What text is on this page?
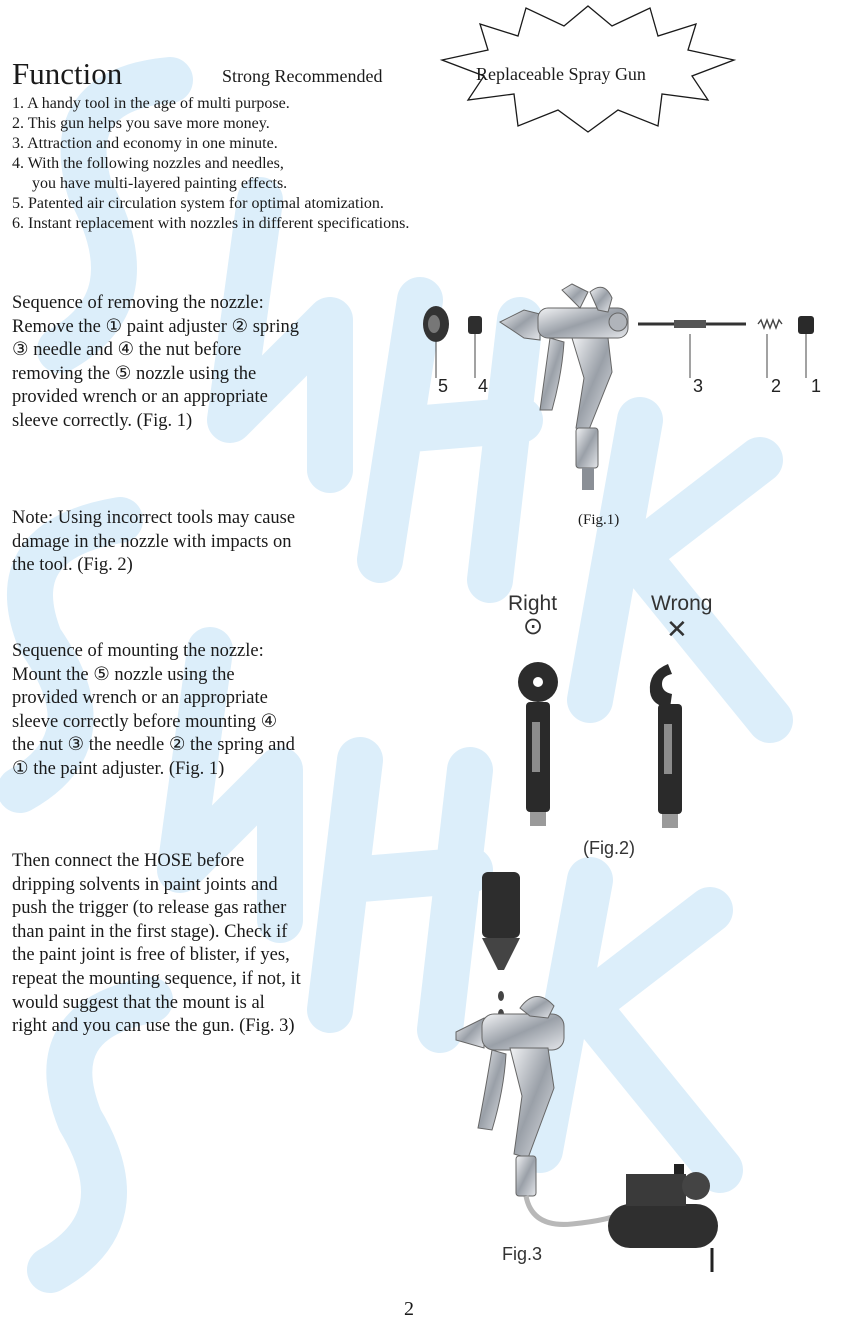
Function	Strong Recommended	Replaceable Spray Gun
1. A handy tool in the age of multi purpose.
2. This gun helps you save more money.
3. Attraction and economy in one minute.
4. With the following nozzles and needles,
you have multi-layered painting effects.
5. Patented air circulation system for optimal atomization.
6. Instant replacement with nozzles in different specifications.
Sequence of removing the nozzle:
Remove the ① paint adjuster ② spring
③ needle and ④ the nut before
removing the ⑤ nozzle using the
provided wrench or an appropriate
sleeve correctly. (Fig. 1)
Note: Using incorrect tools may cause
damage in the nozzle with impacts on
the tool. (Fig. 2)
Sequence of mounting the nozzle:
Mount the ⑤ nozzle using the
provided wrench or an appropriate
sleeve correctly before mounting ④
the nut ③ the needle ② the spring and
① the paint adjuster. (Fig. 1)
Then connect the HOSE before
dripping solvents in paint joints and
push the trigger (to release gas rather
than paint in the first stage). Check if
the paint joint is free of blister, if yes,
repeat the mounting sequence, if not, it
would suggest that the mount is al
right and you can use the gun. (Fig. 3)
5 4	3	2 1
(Fig.1)
Right
⊙
Wrong
✕
(Fig.2)
Fig.3
2
